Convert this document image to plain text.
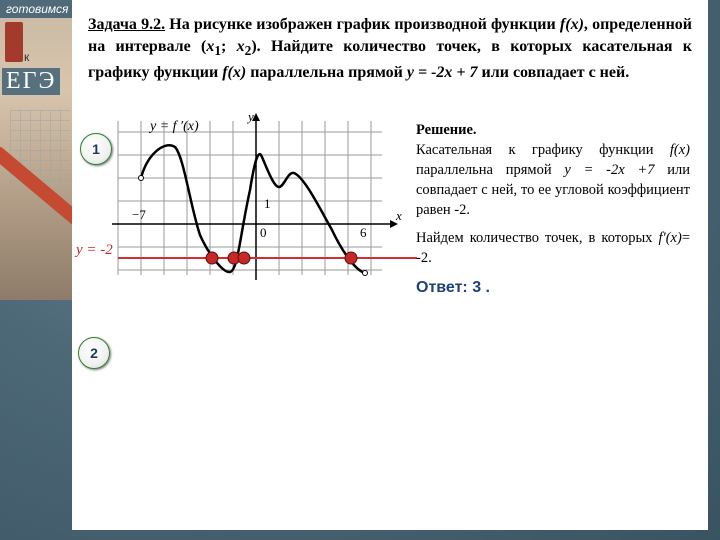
готовимся
к
ЕГЭ
Задача 9.2. На рисунке изображен график производной функции f(x), определенной на интервале ($x_1$; $x_2$). Найдите количество точек, в которых касательная к графику функции f(x) параллельна прямой y = -2x + 7 или совпадает с ней.
y = f ′(x)
y
x
−7
1
0	6
y = -2
1
2
Решение.
Касательная к графику функции f(x) параллельна прямой y = -2x +7 или совпадает с ней, то ее угловой коэффициент равен -2.
Найдем количество точек, в которых f′(x)= -2.
Ответ: 3 .
